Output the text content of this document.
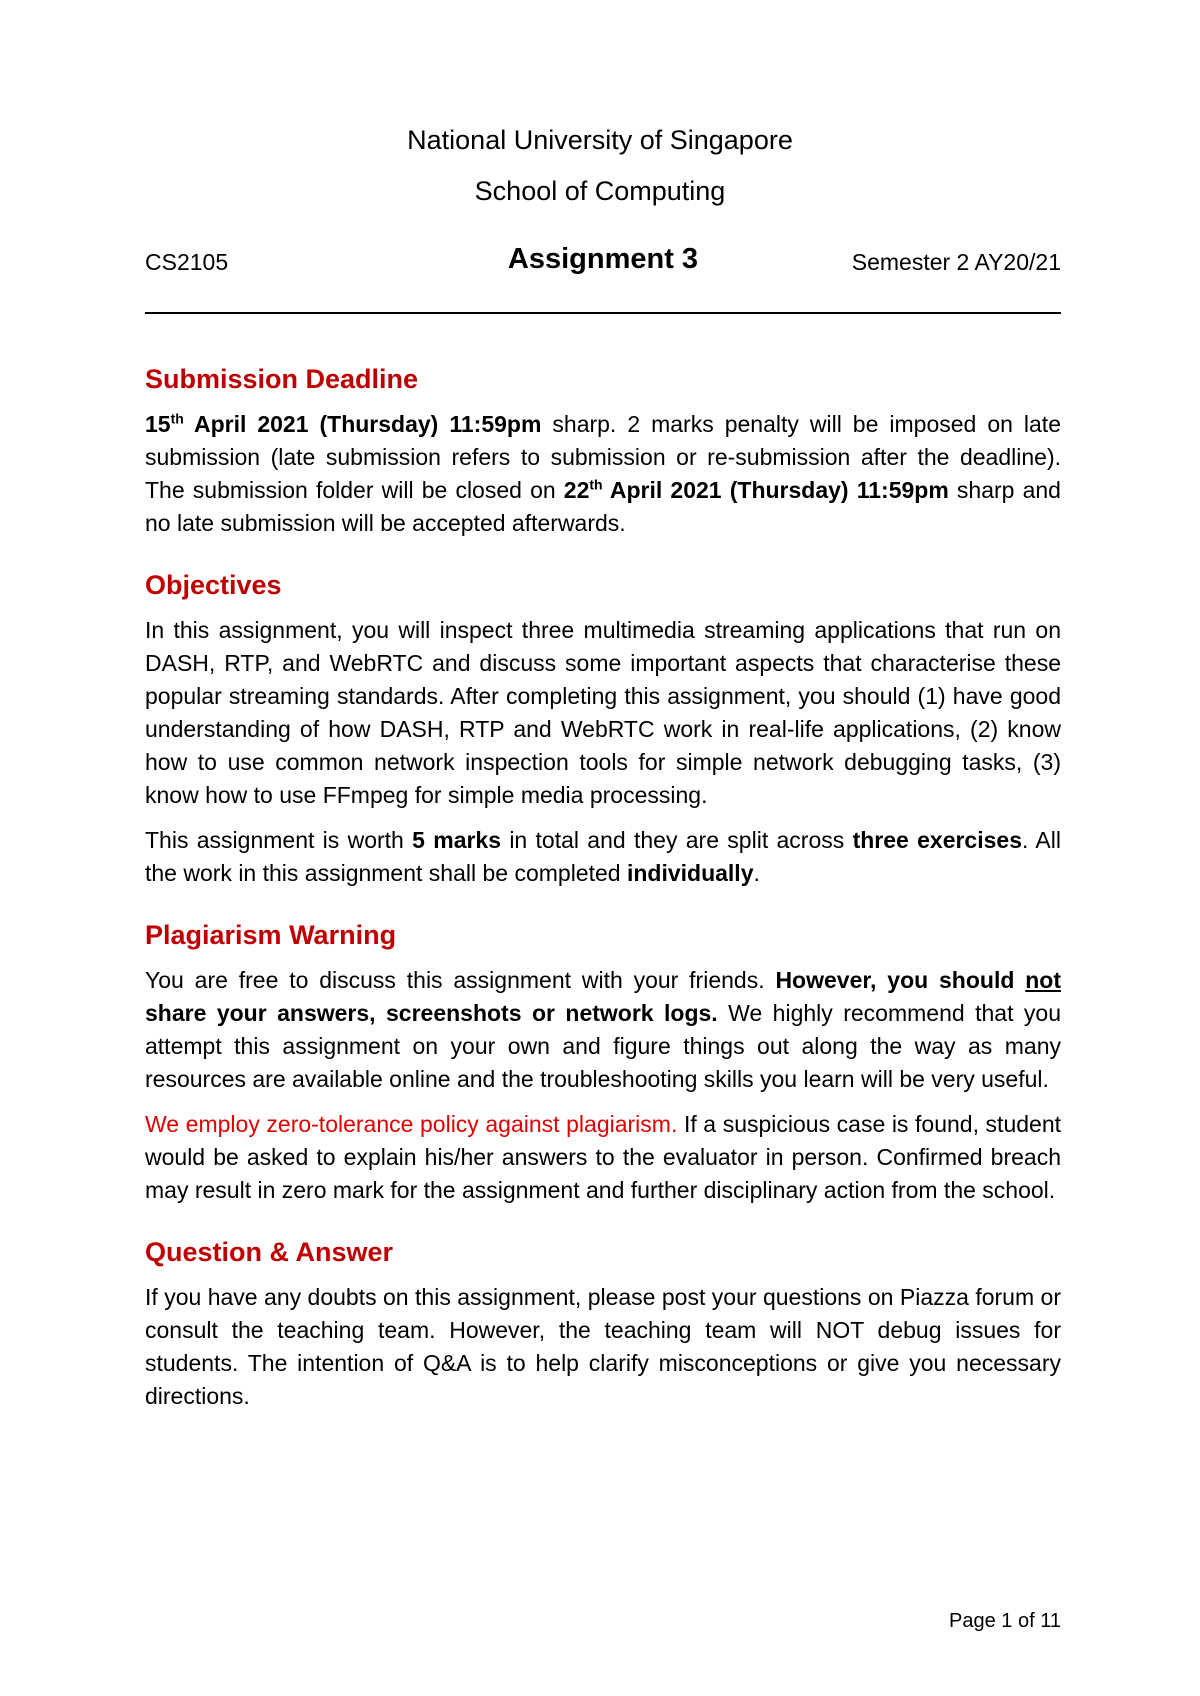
National University of Singapore
School of Computing
CS2105	Assignment 3	Semester 2 AY20/21
Submission Deadline

15th April 2021 (Thursday) 11:59pm sharp. 2 marks penalty will be imposed on late submission (late submission refers to submission or re-submission after the deadline). The submission folder will be closed on 22th April 2021 (Thursday) 11:59pm sharp and no late submission will be accepted afterwards.

Objectives

In this assignment, you will inspect three multimedia streaming applications that run on DASH, RTP, and WebRTC and discuss some important aspects that characterise these popular streaming standards. After completing this assignment, you should (1) have good understanding of how DASH, RTP and WebRTC work in real-life applications, (2) know how to use common network inspection tools for simple network debugging tasks, (3) know how to use FFmpeg for simple media processing.

This assignment is worth 5 marks in total and they are split across three exercises. All the work in this assignment shall be completed individually.

Plagiarism Warning

You are free to discuss this assignment with your friends. However, you should not share your answers, screenshots or network logs. We highly recommend that you attempt this assignment on your own and figure things out along the way as many resources are available online and the troubleshooting skills you learn will be very useful.

We employ zero-tolerance policy against plagiarism. If a suspicious case is found, student would be asked to explain his/her answers to the evaluator in person. Confirmed breach may result in zero mark for the assignment and further disciplinary action from the school.

Question & Answer

If you have any doubts on this assignment, please post your questions on Piazza forum or consult the teaching team. However, the teaching team will NOT debug issues for students. The intention of Q&A is to help clarify misconceptions or give you necessary directions.

Page 1 of 11
